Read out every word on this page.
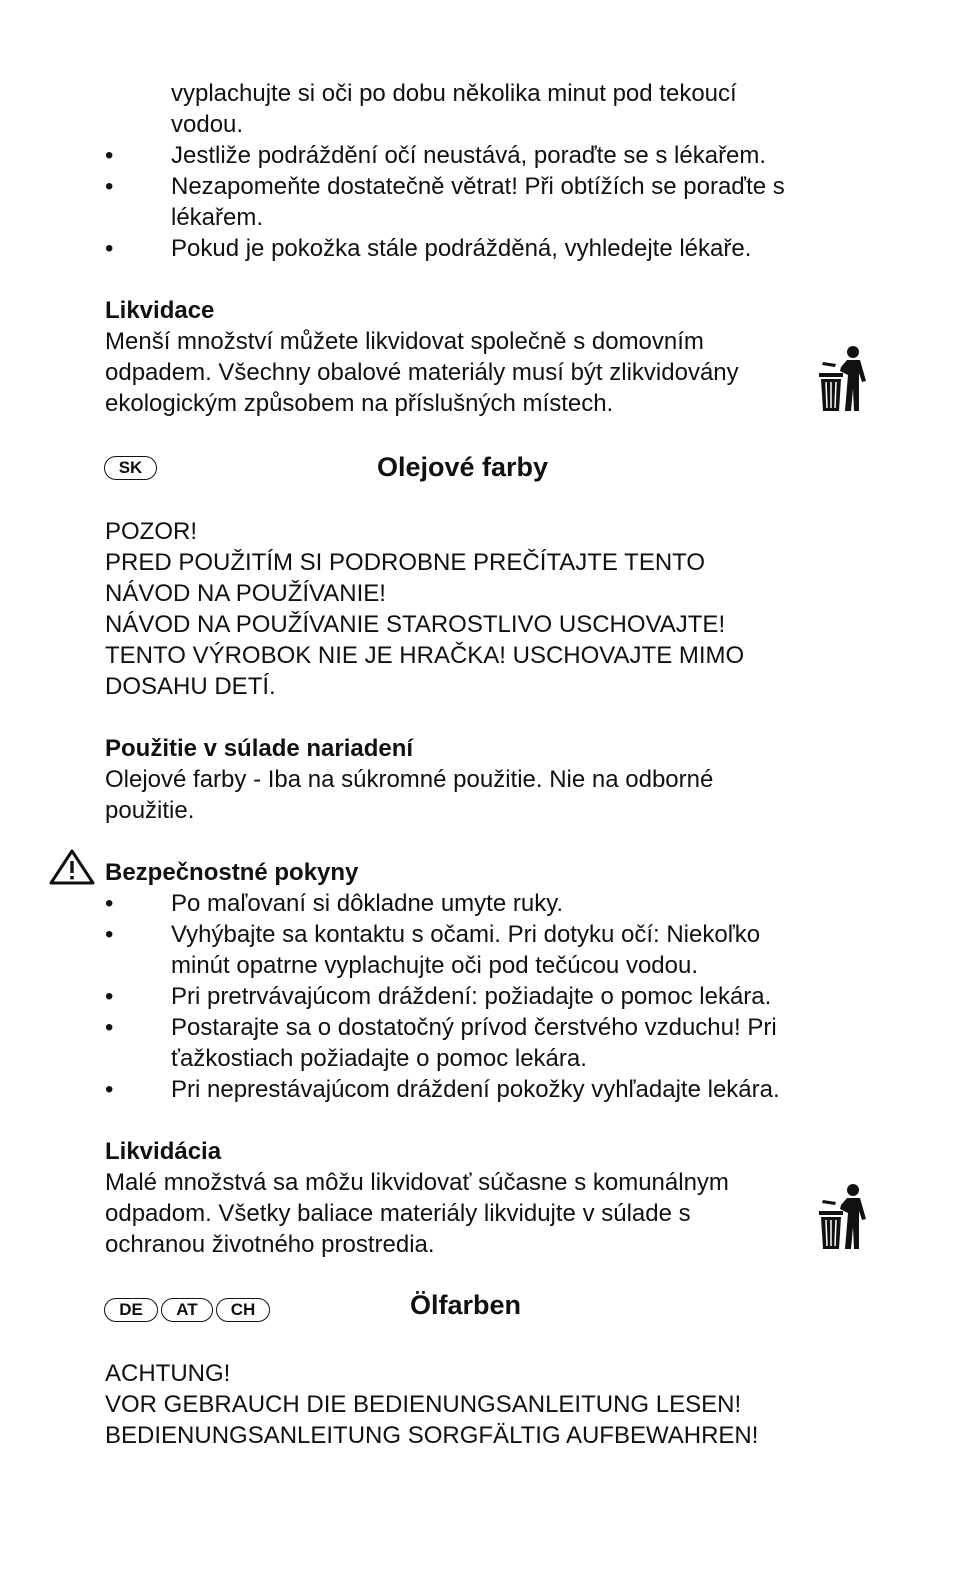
vyplachujte si oči po dobu několika minut pod tekoucí
vodou.
•	Jestliže podráždění očí neustává, poraďte se s lékařem.
•	Nezapomeňte dostatečně větrat! Při obtížích se poraďte s lékařem.
•	Pokud je pokožka stále podrážděná, vyhledejte lékaře.
Likvidace
Menší množství můžete likvidovat společně s domovním odpadem. Všechny obalové materiály musí být zlikvidovány ekologickým způsobem na příslušných místech.
SK	Olejové farby
POZOR!
PRED POUŽITÍM SI PODROBNE PREČÍTAJTE TENTO
NÁVOD NA POUŽÍVANIE!
NÁVOD NA POUŽÍVANIE STAROSTLIVO USCHOVAJTE!
TENTO VÝROBOK NIE JE HRAČKA! USCHOVAJTE MIMO
DOSAHU DETÍ.
Použitie v súlade nariadení
Olejové farby - Iba na súkromné použitie. Nie na odborné použitie.
Bezpečnostné pokyny
•	Po maľovaní si dôkladne umyte ruky.
•	Vyhýbajte sa kontaktu s očami. Pri dotyku očí: Niekoľko minút opatrne vyplachujte oči pod tečúcou vodou.
•	Pri pretrvávajúcom dráždení: požiadajte o pomoc lekára.
•	Postarajte sa o dostatočný prívod čerstvého vzduchu! Pri ťažkostiach požiadajte o pomoc lekára.
•	Pri neprestávajúcom dráždení pokožky vyhľadajte lekára.
Likvidácia
Malé množstvá sa môžu likvidovať súčasne s komunálnym odpadom. Všetky baliace materiály likvidujte v súlade s ochranou životného prostredia.
DE	AT	CH	Ölfarben
ACHTUNG!
VOR GEBRAUCH DIE BEDIENUNGSANLEITUNG LESEN!
BEDIENUNGSANLEITUNG SORGFÄLTIG AUFBEWAHREN!
